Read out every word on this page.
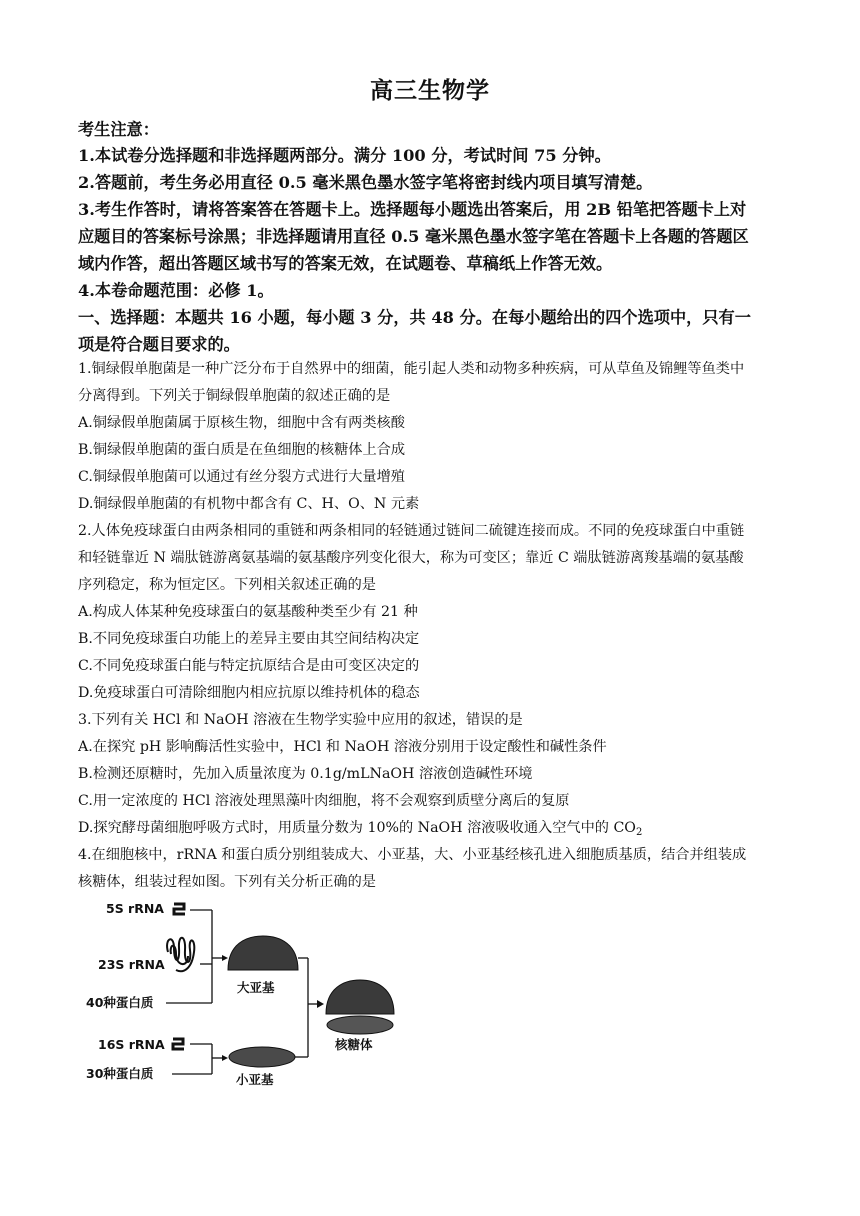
高三生物学
考生注意：
1.本试卷分选择题和非选择题两部分。满分 100 分，考试时间 75 分钟。
2.答题前，考生务必用直径 0.5 毫米黑色墨水签字笔将密封线内项目填写清楚。
3.考生作答时，请将答案答在答题卡上。选择题每小题选出答案后，用 2B 铅笔把答题卡上对
应题目的答案标号涂黑；非选择题请用直径 0.5 毫米黑色墨水签字笔在答题卡上各题的答题区
域内作答，超出答题区域书写的答案无效，在试题卷、草稿纸上作答无效。
4.本卷命题范围：必修 1。
一、选择题：本题共 16 小题，每小题 3 分，共 48 分。在每小题给出的四个选项中，只有一
项是符合题目要求的。
1.铜绿假单胞菌是一种广泛分布于自然界中的细菌，能引起人类和动物多种疾病，可从草鱼及锦鲤等鱼类中
分离得到。下列关于铜绿假单胞菌的叙述正确的是
A.铜绿假单胞菌属于原核生物，细胞中含有两类核酸
B.铜绿假单胞菌的蛋白质是在鱼细胞的核糖体上合成
C.铜绿假单胞菌可以通过有丝分裂方式进行大量增殖
D.铜绿假单胞菌的有机物中都含有 C、H、O、N 元素
2.人体免疫球蛋白由两条相同的重链和两条相同的轻链通过链间二硫键连接而成。不同的免疫球蛋白中重链
和轻链靠近 N 端肽链游离氨基端的氨基酸序列变化很大，称为可变区；靠近 C 端肽链游离羧基端的氨基酸
序列稳定，称为恒定区。下列相关叙述正确的是
A.构成人体某种免疫球蛋白的氨基酸种类至少有 21 种
B.不同免疫球蛋白功能上的差异主要由其空间结构决定
C.不同免疫球蛋白能与特定抗原结合是由可变区决定的
D.免疫球蛋白可清除细胞内相应抗原以维持机体的稳态
3.下列有关 HCl 和 NaOH 溶液在生物学实验中应用的叙述，错误的是
A.在探究 pH 影响酶活性实验中，HCl 和 NaOH 溶液分别用于设定酸性和碱性条件
B.检测还原糖时，先加入质量浓度为 0.1g/mLNaOH 溶液创造碱性环境
C.用一定浓度的 HCl 溶液处理黑藻叶肉细胞，将不会观察到质壁分离后的复原
D.探究酵母菌细胞呼吸方式时，用质量分数为 10%的 NaOH 溶液吸收通入空气中的 $CO_2$
4.在细胞核中，rRNA 和蛋白质分别组装成大、小亚基，大、小亚基经核孔进入细胞质基质，结合并组装成
核糖体，组装过程如图。下列有关分析正确的是
5S rRNA
23S rRNA
40种蛋白质
16S rRNA
30种蛋白质
大亚基
小亚基
核糖体
